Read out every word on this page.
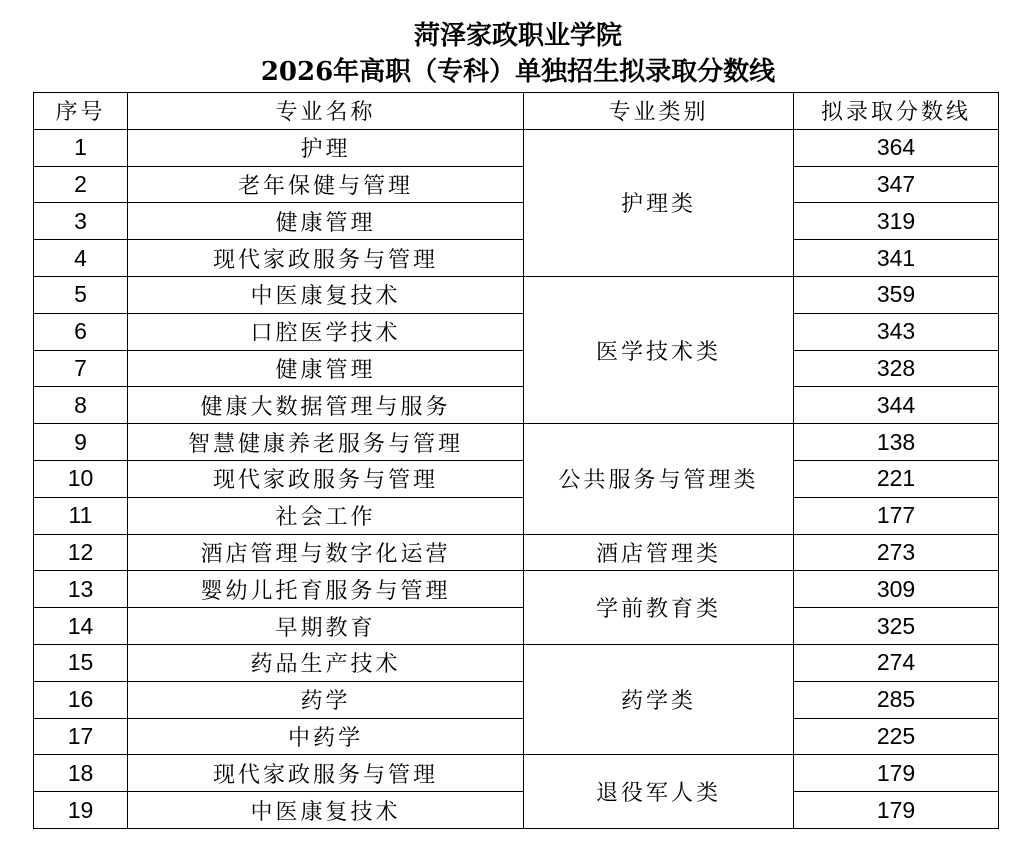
菏泽家政职业学院
2026年高职（专科）单独招生拟录取分数线
序号	专业名称	专业类别	拟录取分数线
1	护理	护理类	364
2	老年保健与管理		347
3	健康管理		319
4	现代家政服务与管理		341
5	中医康复技术	医学技术类	359
6	口腔医学技术		343
7	健康管理		328
8	健康大数据管理与服务		344
9	智慧健康养老服务与管理	公共服务与管理类	138
10	现代家政服务与管理		221
11	社会工作		177
12	酒店管理与数字化运营	酒店管理类	273
13	婴幼儿托育服务与管理	学前教育类	309
14	早期教育		325
15	药品生产技术	药学类	274
16	药学		285
17	中药学		225
18	现代家政服务与管理	退役军人类	179
19	中医康复技术		179
